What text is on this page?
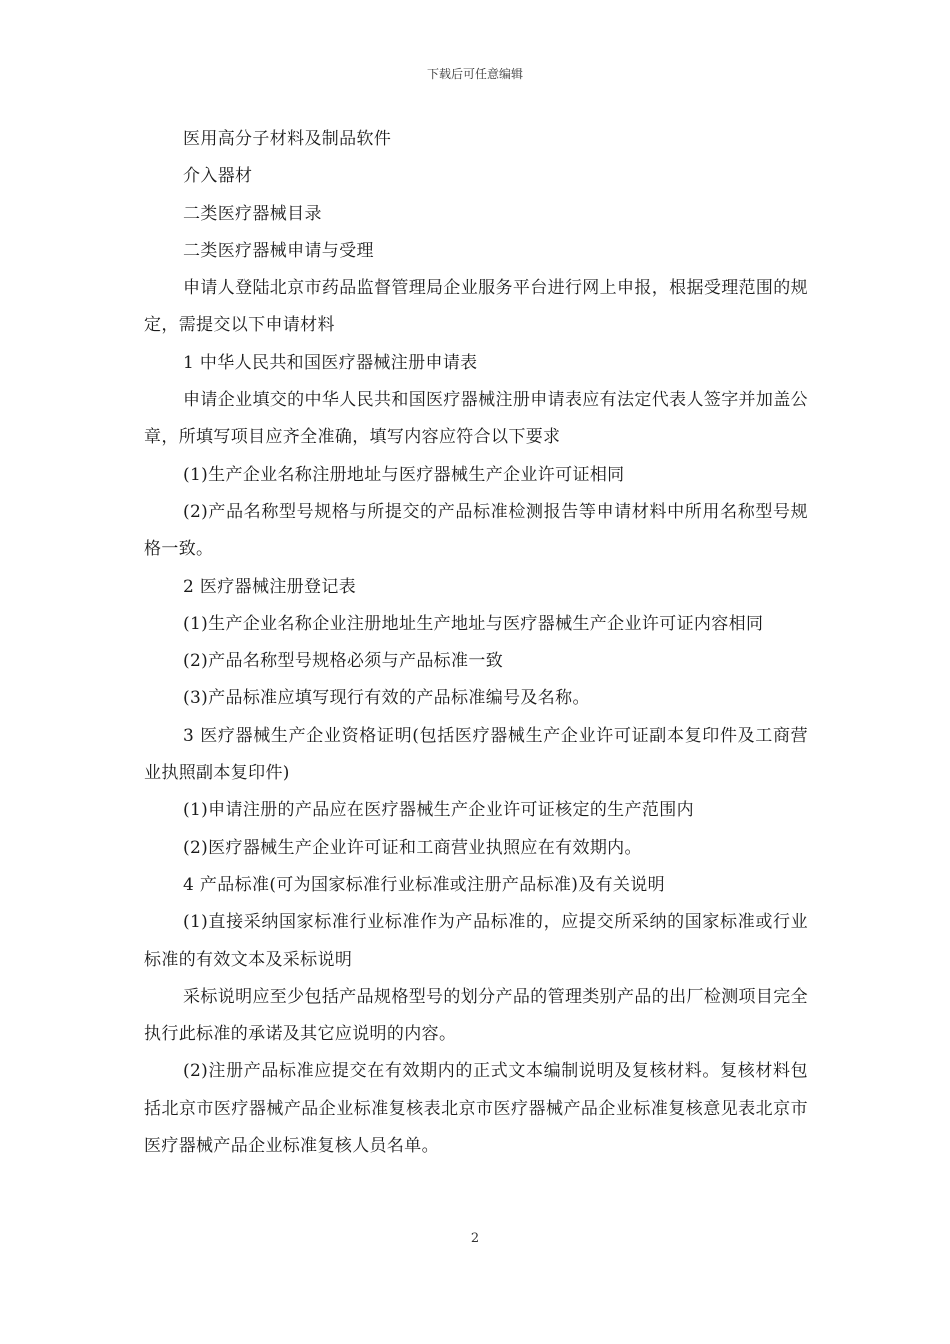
下载后可任意编辑

医用高分子材料及制品软件

介入器材

二类医疗器械目录

二类医疗器械申请与受理

申请人登陆北京市药品监督管理局企业服务平台进行网上申报，根据受理范围的规定，需提交以下申请材料

1 中华人民共和国医疗器械注册申请表

申请企业填交的中华人民共和国医疗器械注册申请表应有法定代表人签字并加盖公章，所填写项目应齐全准确，填写内容应符合以下要求

(1)生产企业名称注册地址与医疗器械生产企业许可证相同

(2)产品名称型号规格与所提交的产品标准检测报告等申请材料中所用名称型号规格一致。

2 医疗器械注册登记表

(1)生产企业名称企业注册地址生产地址与医疗器械生产企业许可证内容相同

(2)产品名称型号规格必须与产品标准一致

(3)产品标准应填写现行有效的产品标准编号及名称。

3 医疗器械生产企业资格证明(包括医疗器械生产企业许可证副本复印件及工商营业执照副本复印件)

(1)申请注册的产品应在医疗器械生产企业许可证核定的生产范围内

(2)医疗器械生产企业许可证和工商营业执照应在有效期内。

4 产品标准(可为国家标准行业标准或注册产品标准)及有关说明

(1)直接采纳国家标准行业标准作为产品标准的，应提交所采纳的国家标准或行业标准的有效文本及采标说明

采标说明应至少包括产品规格型号的划分产品的管理类别产品的出厂检测项目完全执行此标准的承诺及其它应说明的内容。

(2)注册产品标准应提交在有效期内的正式文本编制说明及复核材料。复核材料包括北京市医疗器械产品企业标准复核表北京市医疗器械产品企业标准复核意见表北京市医疗器械产品企业标准复核人员名单。

2
